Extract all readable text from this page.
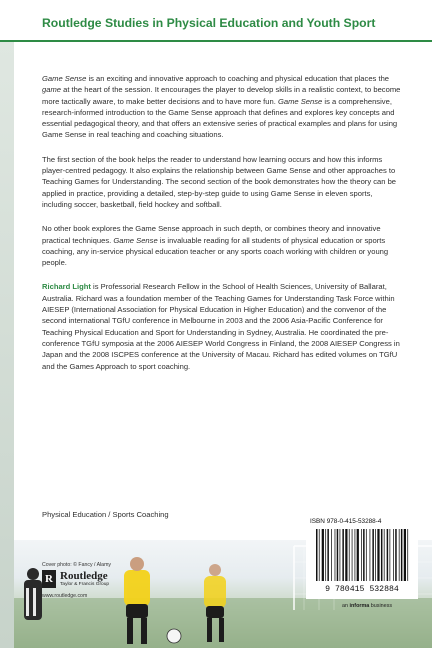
Routledge Studies in Physical Education and Youth Sport

Game Sense is an exciting and innovative approach to coaching and physical education that places the game at the heart of the session. It encourages the player to develop skills in a realistic context, to become more tactically aware, to make better decisions and to have more fun. Game Sense is a comprehensive, research-informed introduction to the Game Sense approach that defines and explores key concepts and essential pedagogical theory, and that offers an extensive series of practical examples and plans for using Game Sense in real teaching and coaching situations.

The first section of the book helps the reader to understand how learning occurs and how this informs player-centred pedagogy. It also explains the relationship between Game Sense and other approaches to Teaching Games for Understanding. The second section of the book demonstrates how the theory can be applied in practice, providing a detailed, step-by-step guide to using Game Sense in eleven sports, including soccer, basketball, field hockey and softball.

No other book explores the Game Sense approach in such depth, or combines theory and innovative practical techniques. Game Sense is invaluable reading for all students of physical education or sports coaching, any in-service physical education teacher or any sports coach working with children or young people.

Richard Light is Professorial Research Fellow in the School of Health Sciences, University of Ballarat, Australia. Richard was a foundation member of the Teaching Games for Understanding Task Force within AIESEP (International Association for Physical Education in Higher Education) and the convenor of the second international TGfU conference in Melbourne in 2003 and the 2006 Asia-Pacific Conference for Teaching Physical Education and Sport for Understanding in Sydney, Australia. He coordinated the pre-conference TGfU symposia at the 2006 AIESEP World Congress in Finland, the 2008 AIESEP Congress in Japan and the 2008 ISCPES conference at the University of Macau. Richard has edited volumes on TGfU and the Games Approach to sport coaching.

Physical Education / Sports Coaching
Cover photo: © Fancy / Alamy
R Routledge
Taylor & Francis Group
www.routledge.com
ISBN 978-0-415-53288-4
9 780415 532884
an informa business
